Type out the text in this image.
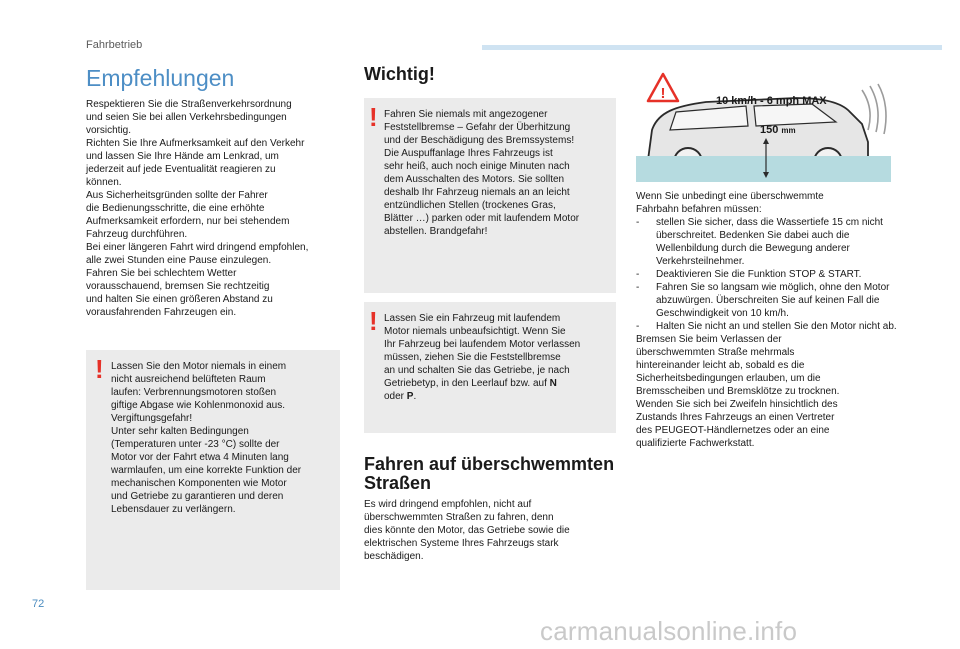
Fahrbetrieb
Empfehlungen

Respektieren Sie die Straßenverkehrsordnung
und seien Sie bei allen Verkehrsbedingungen
vorsichtig.
Richten Sie Ihre Aufmerksamkeit auf den Verkehr
und lassen Sie Ihre Hände am Lenkrad, um
jederzeit auf jede Eventualität reagieren zu
können.
Aus Sicherheitsgründen sollte der Fahrer
die Bedienungsschritte, die eine erhöhte
Aufmerksamkeit erfordern, nur bei stehendem
Fahrzeug durchführen.
Bei einer längeren Fahrt wird dringend empfohlen,
alle zwei Stunden eine Pause einzulegen.
Fahren Sie bei schlechtem Wetter
vorausschauend, bremsen Sie rechtzeitig
und halten Sie einen größeren Abstand zu
vorausfahrenden Fahrzeugen ein.

! Lassen Sie den Motor niemals in einem
nicht ausreichend belüfteten Raum
laufen: Verbrennungsmotoren stoßen
giftige Abgase wie Kohlenmonoxid aus.
Vergiftungsgefahr!
Unter sehr kalten Bedingungen
(Temperaturen unter -23 °C) sollte der
Motor vor der Fahrt etwa 4 Minuten lang
warmlaufen, um eine korrekte Funktion der
mechanischen Komponenten wie Motor
und Getriebe zu garantieren und deren
Lebensdauer zu verlängern.
Wichtig!
! Fahren Sie niemals mit angezogener
Feststellbremse – Gefahr der Überhitzung
und der Beschädigung des Bremssystems!
Die Auspuffanlage Ihres Fahrzeugs ist
sehr heiß, auch noch einige Minuten nach
dem Ausschalten des Motors. Sie sollten
deshalb Ihr Fahrzeug niemals an an leicht
entzündlichen Stellen (trockenes Gras,
Blätter …) parken oder mit laufendem Motor
abstellen. Brandgefahr!
! Lassen Sie ein Fahrzeug mit laufendem
Motor niemals unbeaufsichtigt. Wenn Sie
Ihr Fahrzeug bei laufendem Motor verlassen
müssen, ziehen Sie die Feststellbremse
an und schalten Sie das Getriebe, je nach
Getriebetyp, in den Leerlauf bzw. auf N
oder P.
Fahren auf überschwemmten
Straßen
Es wird dringend empfohlen, nicht auf
überschwemmten Straßen zu fahren, denn
dies könnte den Motor, das Getriebe sowie die
elektrischen Systeme Ihres Fahrzeugs stark
beschädigen.
!	10 km/h - 6 mph MAX
150 mm

Wenn Sie unbedingt eine überschwemmte
Fahrbahn befahren müssen:

- stellen Sie sicher, dass die Wassertiefe 15 cm nicht überschreitet. Bedenken Sie dabei auch die Wellenbildung durch die Bewegung anderer Verkehrsteilnehmer.
- Deaktivieren Sie die Funktion STOP & START.
- Fahren Sie so langsam wie möglich, ohne den Motor abzuwürgen. Überschreiten Sie auf keinen Fall die Geschwindigkeit von 10 km/h.
- Halten Sie nicht an und stellen Sie den Motor nicht ab.

Bremsen Sie beim Verlassen der
überschwemmten Straße mehrmals
hintereinander leicht ab, sobald es die
Sicherheitsbedingungen erlauben, um die
Bremsscheiben und Bremsklötze zu trocknen.
Wenden Sie sich bei Zweifeln hinsichtlich des
Zustands Ihres Fahrzeugs an einen Vertreter
des PEUGEOT-Händlernetzes oder an eine
qualifizierte Fachwerkstatt.

72
carmanualsonline.info
